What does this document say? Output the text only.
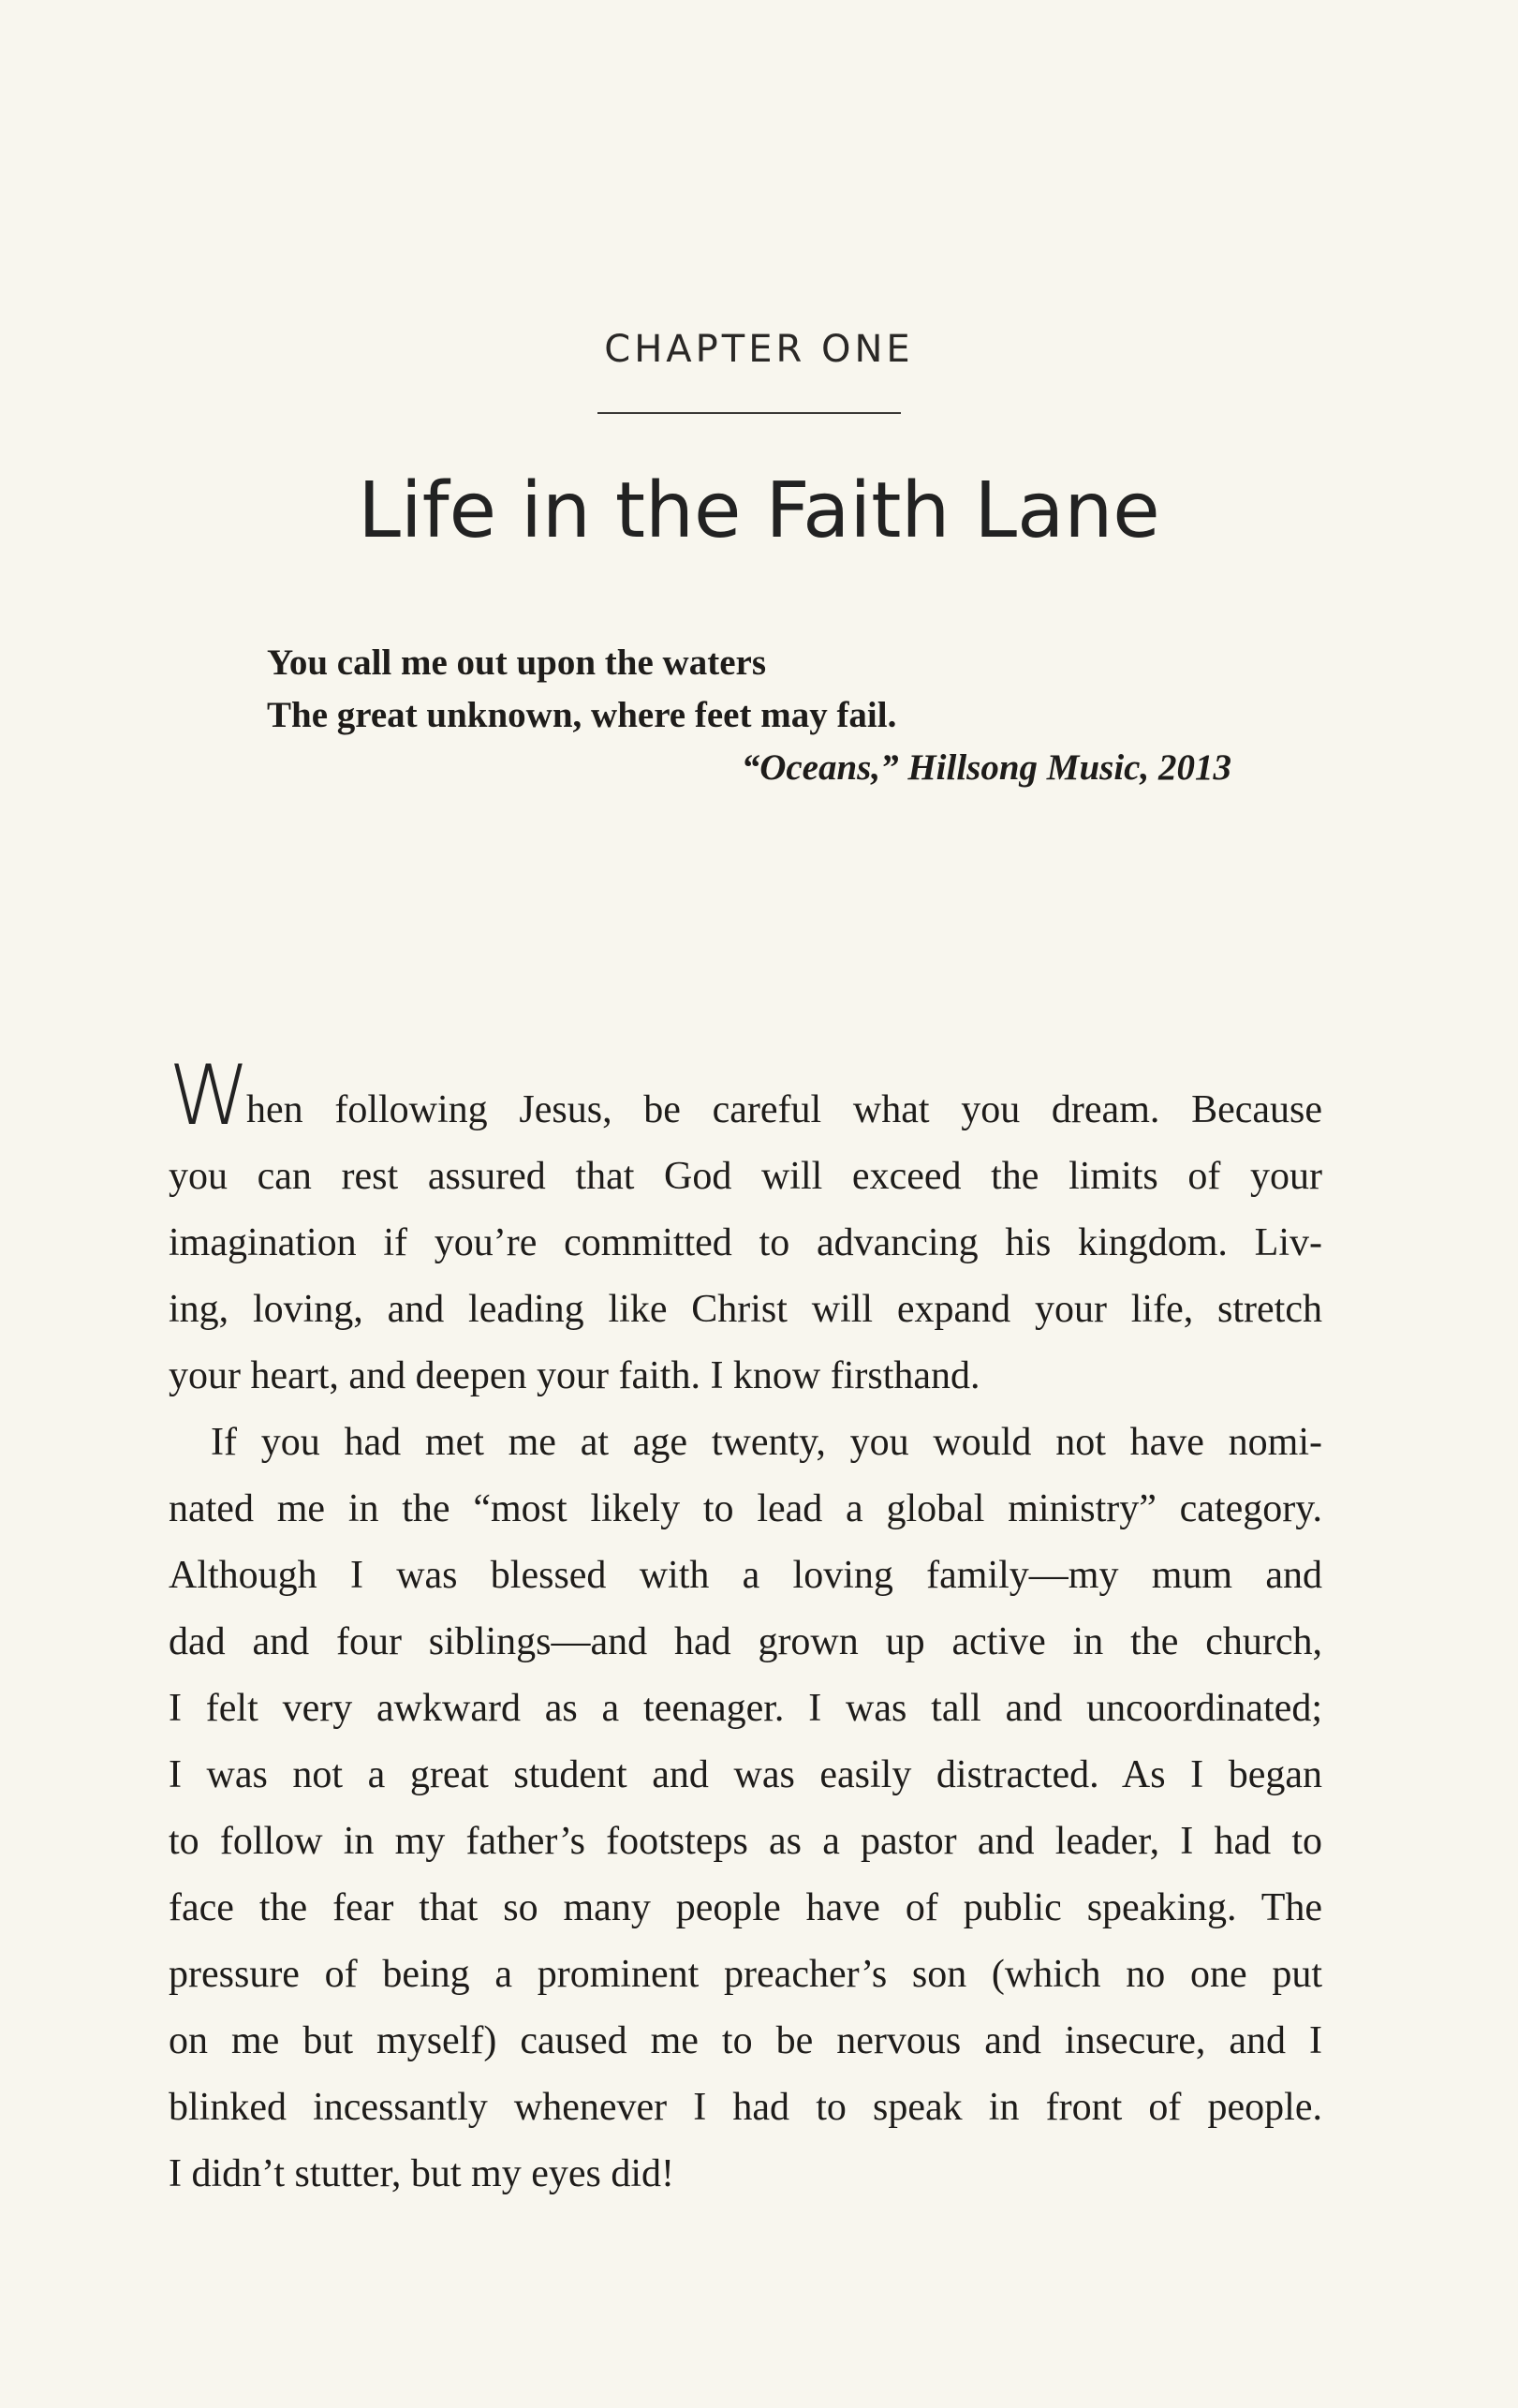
CHAPTER ONE
Life in the Faith Lane
You call me out upon the waters
The great unknown, where feet may fail.
“Oceans,” Hillsong Music, 2013

When following Jesus, be careful what you dream. Because
you can rest assured that God will exceed the limits of your
imagination if you’re committed to advancing his kingdom. Liv-
ing, loving, and leading like Christ will expand your life, stretch
your heart, and deepen your faith. I know firsthand.

If you had met me at age twenty, you would not have nomi-
nated me in the “most likely to lead a global ministry” category.
Although I was blessed with a loving family—my mum and
dad and four siblings—and had grown up active in the church,
I felt very awkward as a teenager. I was tall and uncoordinated;
I was not a great student and was easily distracted. As I began
to follow in my father’s footsteps as a pastor and leader, I had to
face the fear that so many people have of public speaking. The
pressure of being a prominent preacher’s son (which no one put
on me but myself) caused me to be nervous and insecure, and I
blinked incessantly whenever I had to speak in front of people.
I didn’t stutter, but my eyes did!
